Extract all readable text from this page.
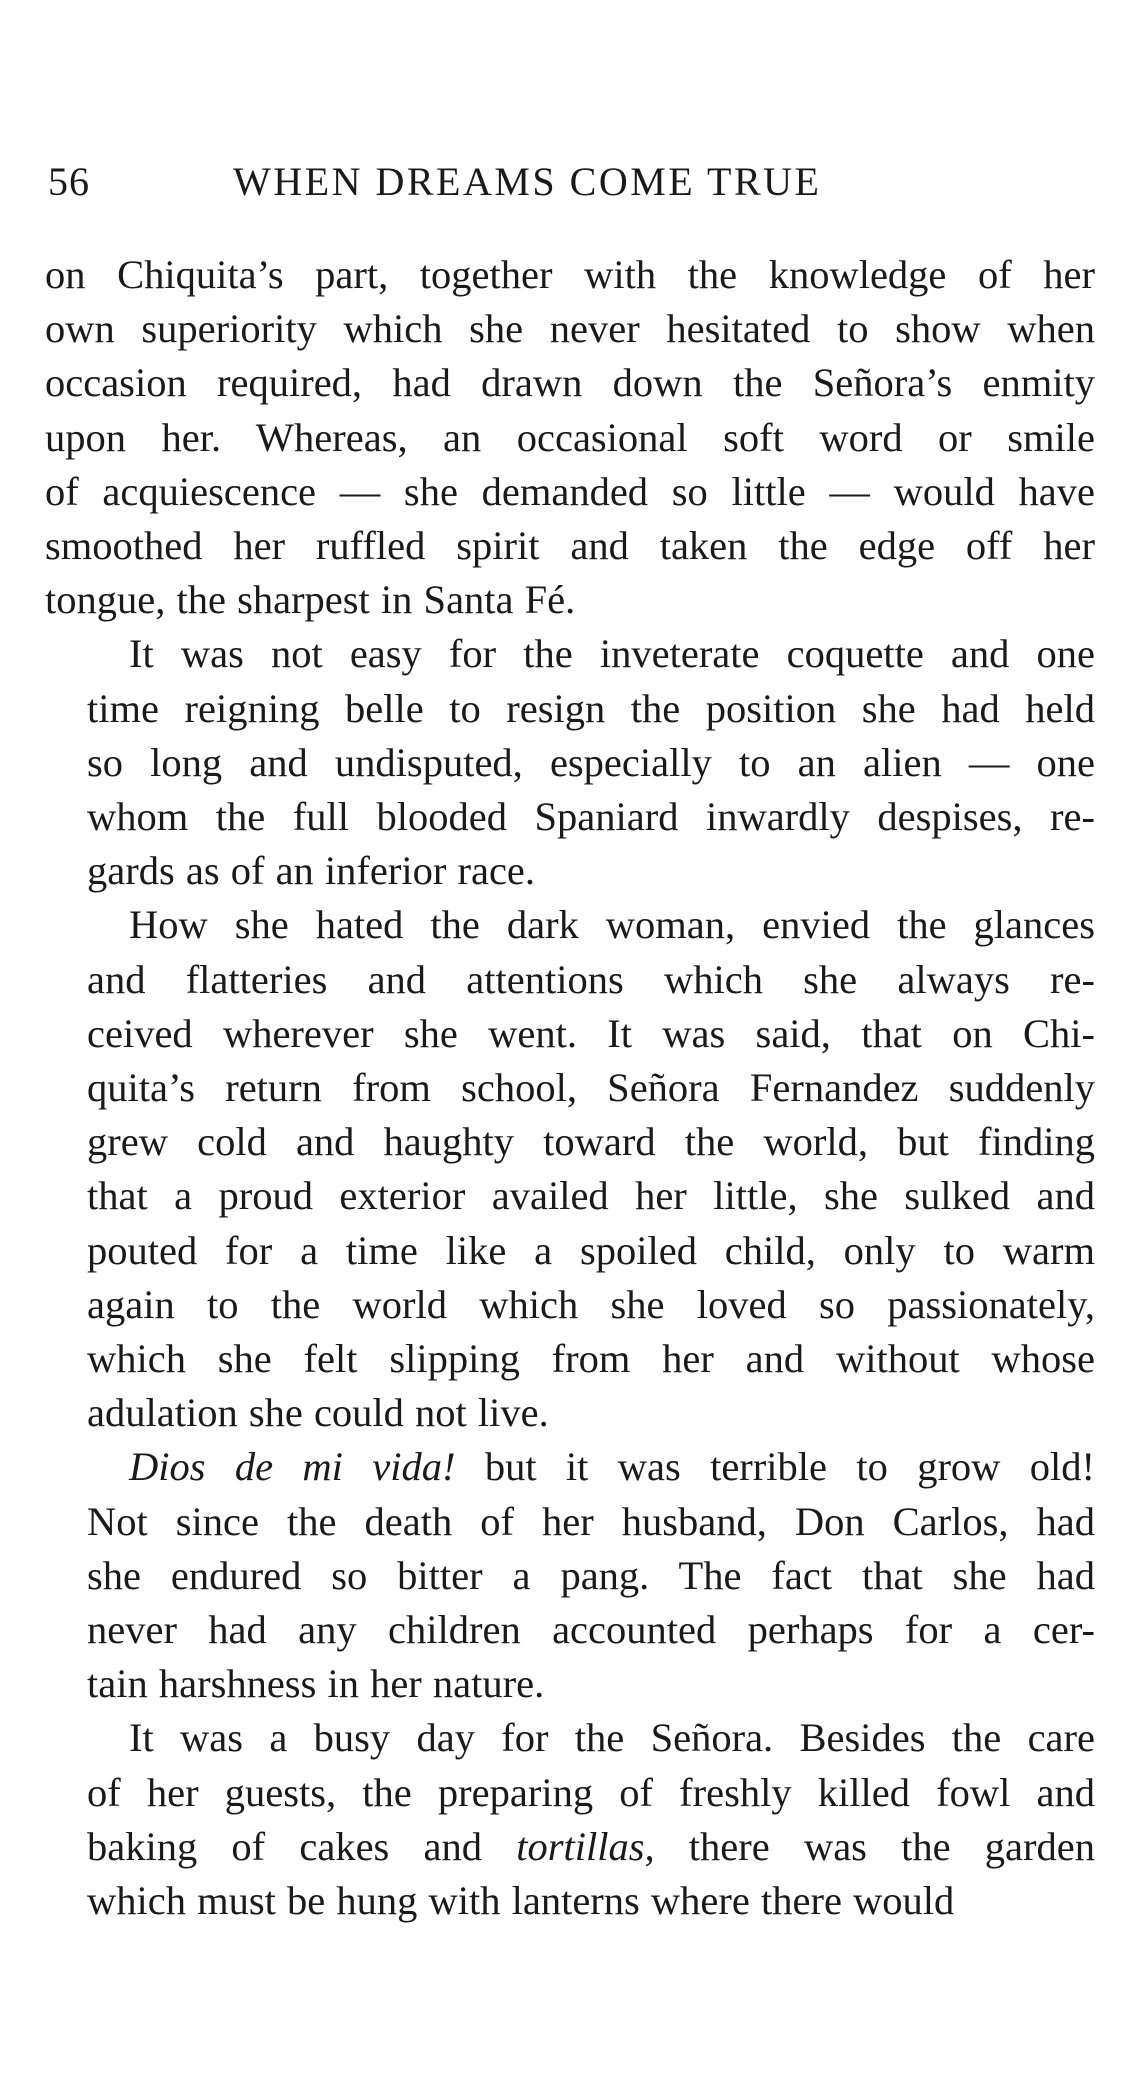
56	WHEN DREAMS COME TRUE
on Chiquita’s part, together with the knowledge of her
own superiority which she never hesitated to show when
occasion required, had drawn down the Señora’s enmity
upon her. Whereas, an occasional soft word or smile
of acquiescence — she demanded so little — would have
smoothed her ruffled spirit and taken the edge off her
tongue, the sharpest in Santa Fé.
It was not easy for the inveterate coquette and one
time reigning belle to resign the position she had held
so long and undisputed, especially to an alien — one
whom the full blooded Spaniard inwardly despises, re-
gards as of an inferior race.
How she hated the dark woman, envied the glances
and flatteries and attentions which she always re-
ceived wherever she went. It was said, that on Chi-
quita’s return from school, Señora Fernandez suddenly
grew cold and haughty toward the world, but finding
that a proud exterior availed her little, she sulked and
pouted for a time like a spoiled child, only to warm
again to the world which she loved so passionately,
which she felt slipping from her and without whose
adulation she could not live.
Dios de mi vida! but it was terrible to grow old!
Not since the death of her husband, Don Carlos, had
she endured so bitter a pang. The fact that she had
never had any children accounted perhaps for a cer-
tain harshness in her nature.
It was a busy day for the Señora. Besides the care
of her guests, the preparing of freshly killed fowl and
baking of cakes and tortillas, there was the garden
which must be hung with lanterns where there would
